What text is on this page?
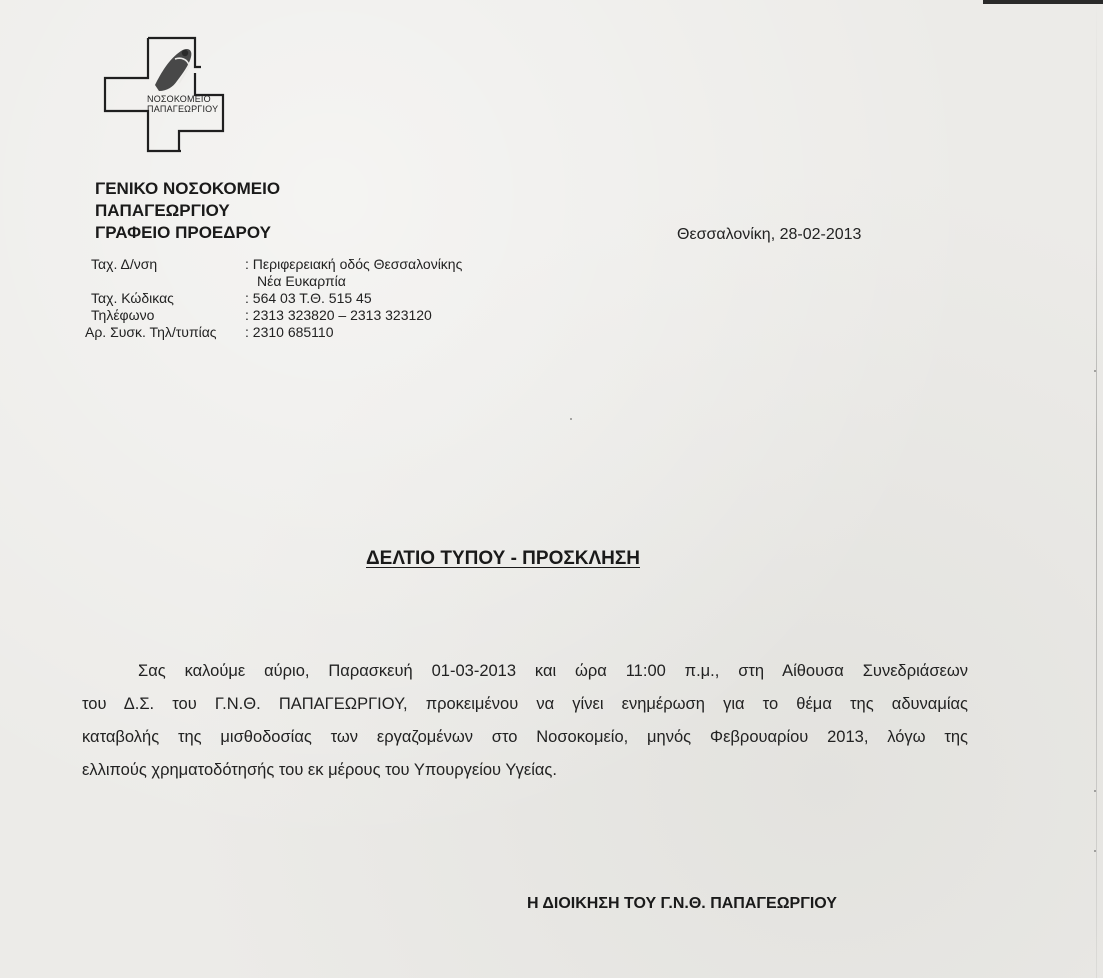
ΝΟΣΟΚΟΜΕΙΟ
ΠΑΠΑΓΕΩΡΓΙΟΥ
ΓΕΝΙΚΟ ΝΟΣΟΚΟΜΕΙΟ
ΠΑΠΑΓΕΩΡΓΙΟΥ
ΓΡΑΦΕΙΟ ΠΡΟΕΔΡΟΥ
Ταχ. Δ/νση	: Περιφερειακή οδός Θεσσαλονίκης
Νέα Ευκαρπία
Ταχ. Κώδικας	: 564 03 Τ.Θ. 515 45
Τηλέφωνο	: 2313 323820 – 2313 323120
Αρ. Συσκ. Τηλ/τυπίας : 2310 685110
Θεσσαλονίκη, 28-02-2013
ΔΕΛΤΙΟ ΤΥΠΟΥ - ΠΡΟΣΚΛΗΣΗ
Σας καλούμε αύριο, Παρασκευή 01-03-2013 και ώρα 11:00 π.μ., στη Αίθουσα Συνεδριάσεων
του Δ.Σ. του Γ.Ν.Θ. ΠΑΠΑΓΕΩΡΓΙΟΥ, προκειμένου να γίνει ενημέρωση για το θέμα της αδυναμίας
καταβολής της μισθοδοσίας των εργαζομένων στο Νοσοκομείο, μηνός Φεβρουαρίου 2013, λόγω της
ελλιπούς χρηματοδότησής του εκ μέρους του Υπουργείου Υγείας.
Η ΔΙΟΙΚΗΣΗ ΤΟΥ Γ.Ν.Θ. ΠΑΠΑΓΕΩΡΓΙΟΥ
